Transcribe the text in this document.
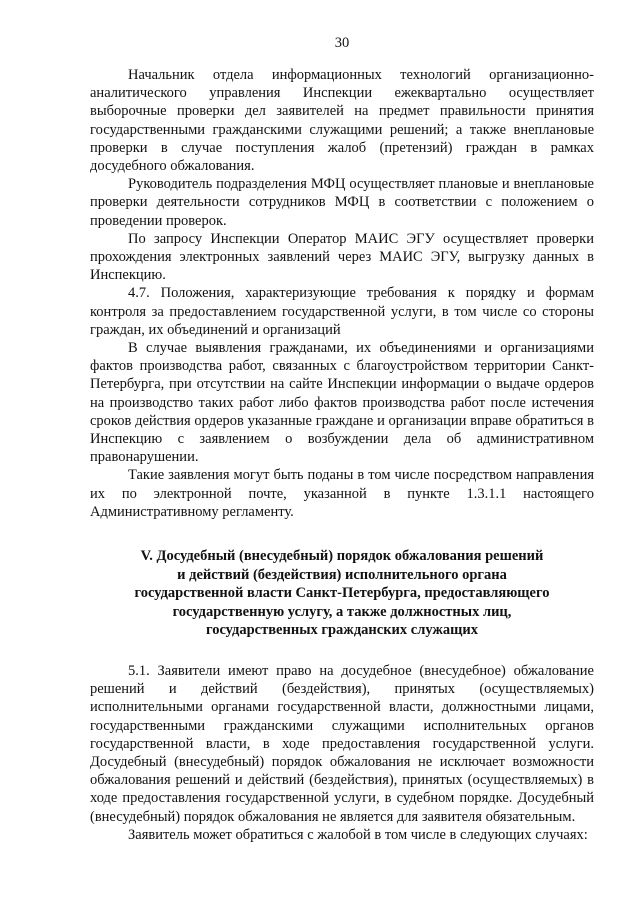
30

Начальник отдела информационных технологий организационно-аналитического управления Инспекции ежеквартально осуществляет выборочные проверки дел заявителей на предмет правильности принятия государственными гражданскими служащими решений; а также внеплановые проверки в случае поступления жалоб (претензий) граждан в рамках досудебного обжалования.

Руководитель подразделения МФЦ осуществляет плановые и внеплановые проверки деятельности сотрудников МФЦ в соответствии с положением о проведении проверок.

По запросу Инспекции Оператор МАИС ЭГУ осуществляет проверки прохождения электронных заявлений через МАИС ЭГУ, выгрузку данных в Инспекцию.

4.7. Положения, характеризующие требования к порядку и формам контроля за предоставлением государственной услуги, в том числе со стороны граждан, их объединений и организаций

В случае выявления гражданами, их объединениями и организациями фактов производства работ, связанных с благоустройством территории Санкт-Петербурга, при отсутствии на сайте Инспекции информации о выдаче ордеров на производство таких работ либо фактов производства работ после истечения сроков действия ордеров указанные граждане и организации вправе обратиться в Инспекцию с заявлением о возбуждении дела об административном правонарушении.

Такие заявления могут быть поданы в том числе посредством направления их по электронной почте, указанной в пункте 1.3.1.1 настоящего Административному регламенту.

V. Досудебный (внесудебный) порядок обжалования решений
и действий (бездействия) исполнительного органа
государственной власти Санкт-Петербурга, предоставляющего
государственную услугу, а также должностных лиц,
государственных гражданских служащих

5.1. Заявители имеют право на досудебное (внесудебное) обжалование решений и действий (бездействия), принятых (осуществляемых) исполнительными органами государственной власти, должностными лицами, государственными гражданскими служащими исполнительных органов государственной власти, в ходе предоставления государственной услуги. Досудебный (внесудебный) порядок обжалования не исключает возможности обжалования решений и действий (бездействия), принятых (осуществляемых) в ходе предоставления государственной услуги, в судебном порядке. Досудебный (внесудебный) порядок обжалования не является для заявителя обязательным.

Заявитель может обратиться с жалобой в том числе в следующих случаях:
